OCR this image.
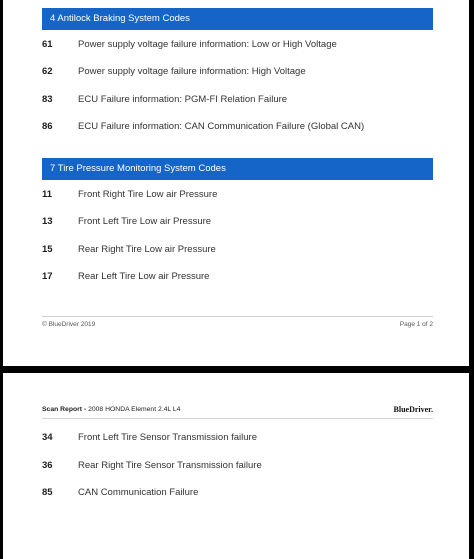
4 Antilock Braking System Codes
61	Power supply voltage failure information: Low or High Voltage
62	Power supply voltage failure information: High Voltage
83	ECU Failure information: PGM-FI Relation Failure
86	ECU Failure information: CAN Communication Failure (Global CAN)
7 Tire Pressure Monitoring System Codes
11	Front Right Tire Low air Pressure
13	Front Left Tire Low air Pressure
15	Rear Right Tire Low air Pressure
17	Rear Left Tire Low air Pressure
© BlueDriver 2019	Page 1 of 2
Scan Report - 2008 HONDA Element 2.4L L4	BlueDriver.
34	Front Left Tire Sensor Transmission failure
36	Rear Right Tire Sensor Transmission failure
85	CAN Communication Failure
